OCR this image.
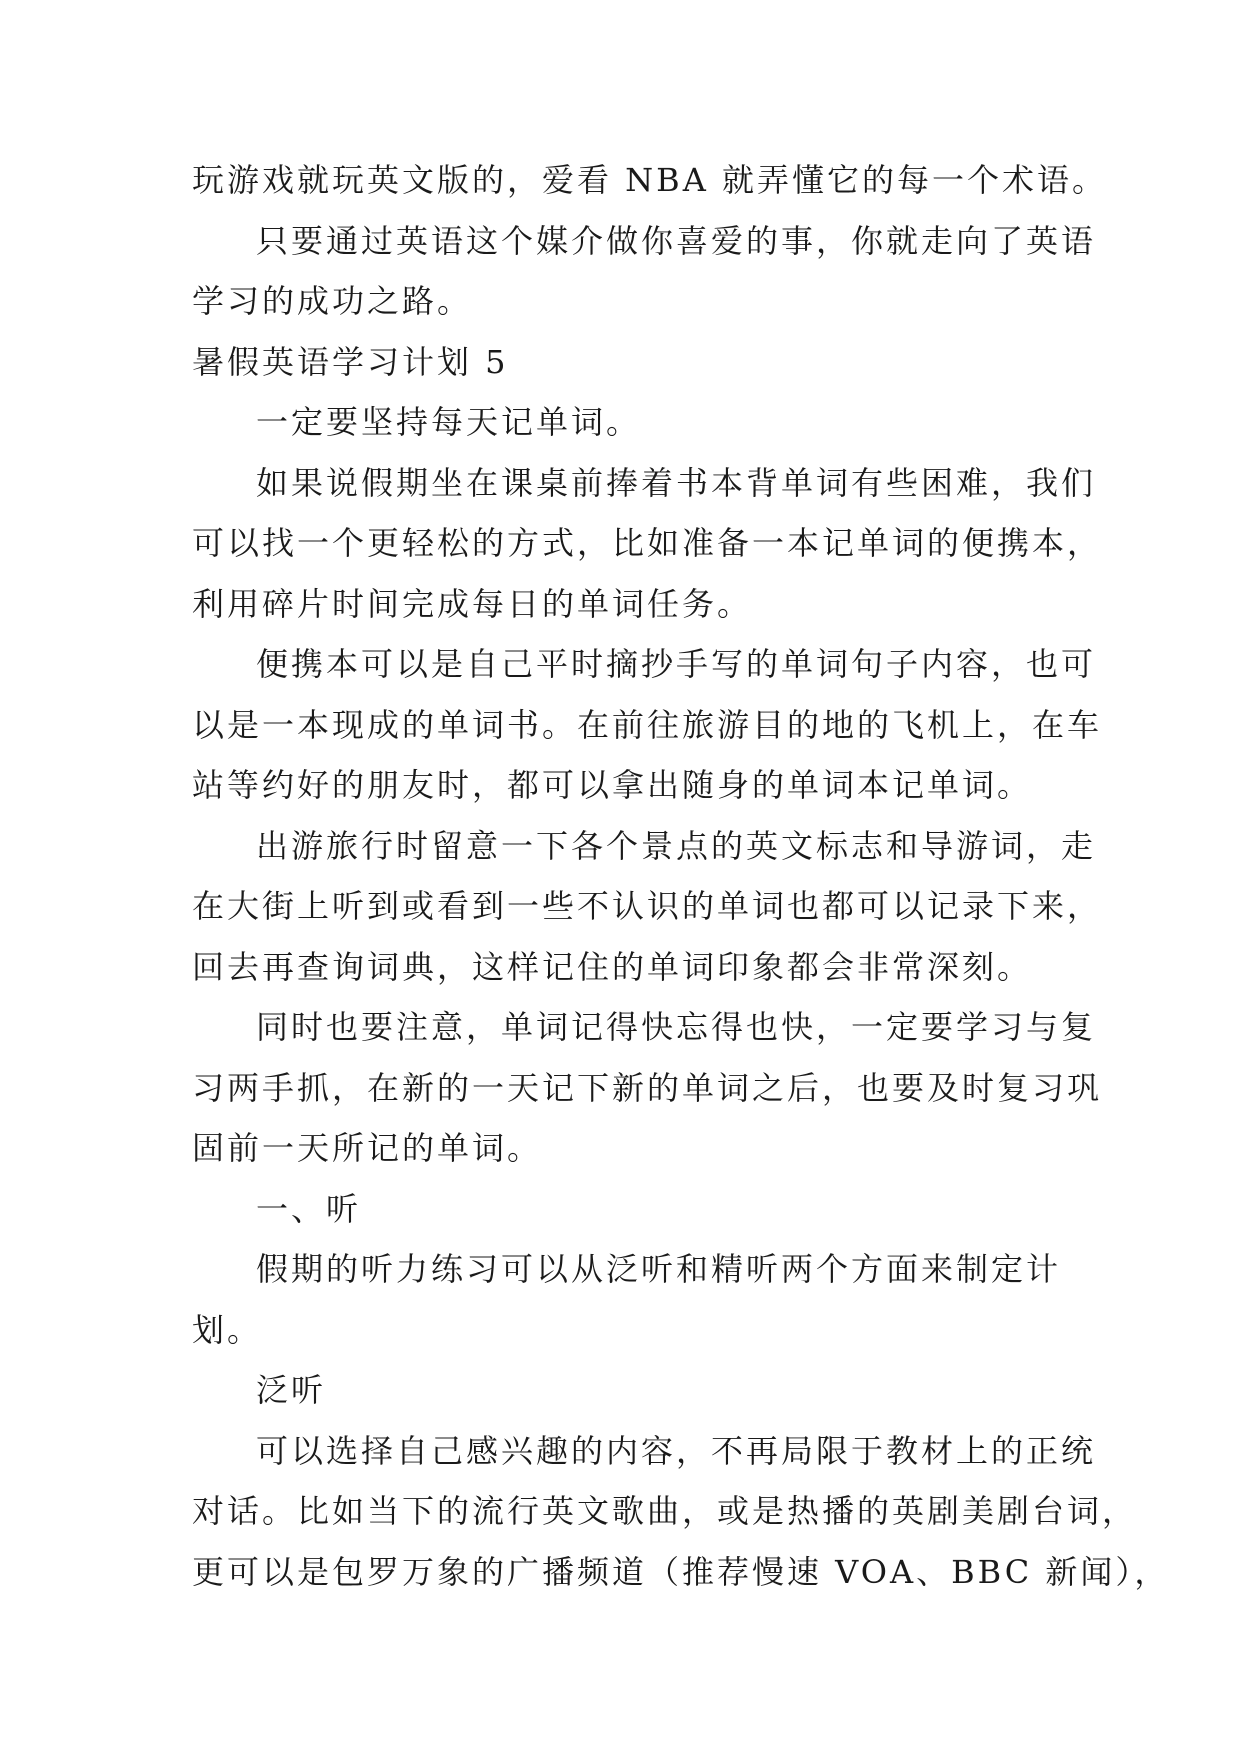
玩游戏就玩英文版的，爱看 NBA 就弄懂它的每一个术语。
只要通过英语这个媒介做你喜爱的事，你就走向了英语
学习的成功之路。
暑假英语学习计划 5
一定要坚持每天记单词。
如果说假期坐在课桌前捧着书本背单词有些困难，我们
可以找一个更轻松的方式，比如准备一本记单词的便携本，
利用碎片时间完成每日的单词任务。
便携本可以是自己平时摘抄手写的单词句子内容，也可
以是一本现成的单词书。在前往旅游目的地的飞机上，在车
站等约好的朋友时，都可以拿出随身的单词本记单词。
出游旅行时留意一下各个景点的英文标志和导游词，走
在大街上听到或看到一些不认识的单词也都可以记录下来，
回去再查询词典，这样记住的单词印象都会非常深刻。
同时也要注意，单词记得快忘得也快，一定要学习与复
习两手抓，在新的一天记下新的单词之后，也要及时复习巩
固前一天所记的单词。
一、听
假期的听力练习可以从泛听和精听两个方面来制定计
划。
泛听
可以选择自己感兴趣的内容，不再局限于教材上的正统
对话。比如当下的流行英文歌曲，或是热播的英剧美剧台词，
更可以是包罗万象的广播频道（推荐慢速 VOA、BBC 新闻），
